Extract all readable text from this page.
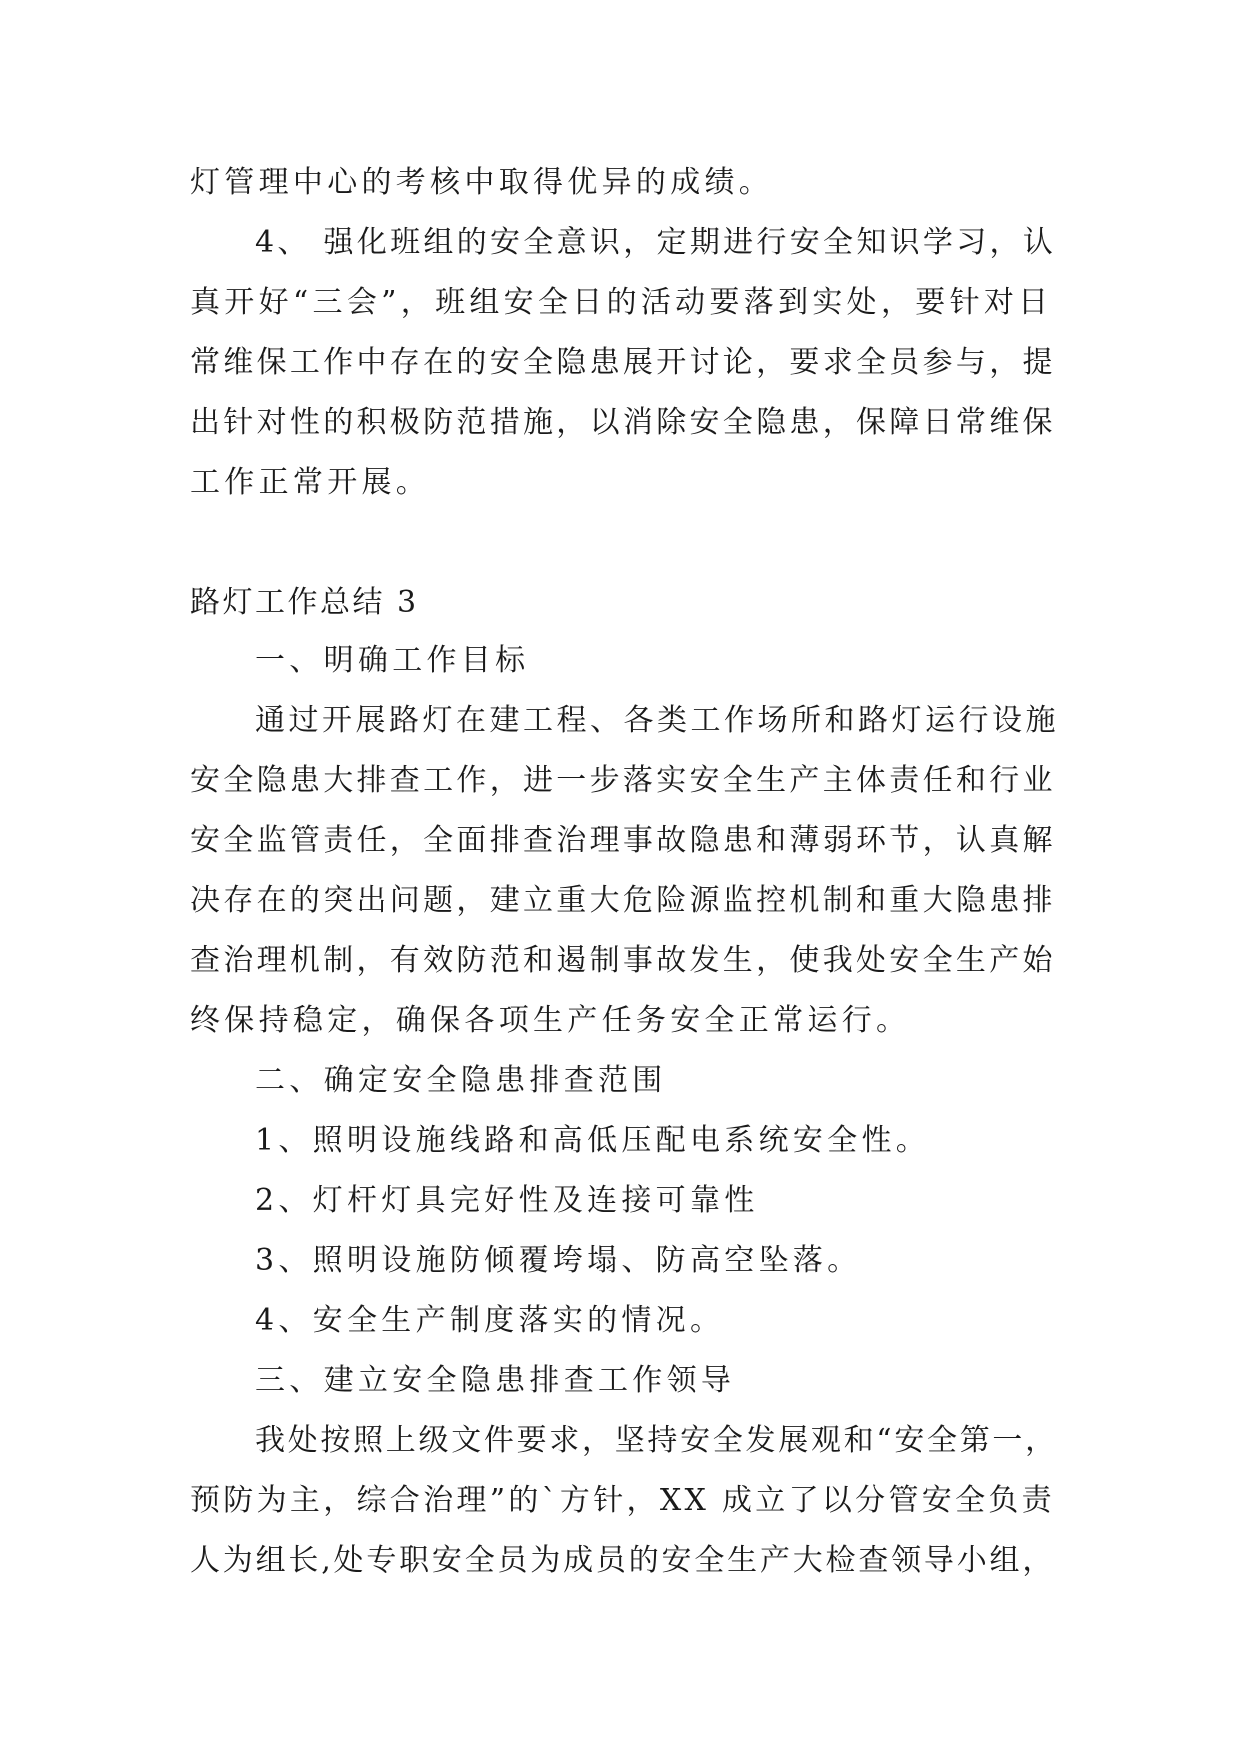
灯管理中心的考核中取得优异的成绩。
4、 强化班组的安全意识，定期进行安全知识学习，认
真开好“三会”，班组安全日的活动要落到实处，要针对日
常维保工作中存在的安全隐患展开讨论，要求全员参与，提
出针对性的积极防范措施，以消除安全隐患，保障日常维保
工作正常开展。
路灯工作总结 3
一、明确工作目标
通过开展路灯在建工程、各类工作场所和路灯运行设施
安全隐患大排查工作，进一步落实安全生产主体责任和行业
安全监管责任，全面排查治理事故隐患和薄弱环节，认真解
决存在的突出问题，建立重大危险源监控机制和重大隐患排
查治理机制，有效防范和遏制事故发生，使我处安全生产始
终保持稳定，确保各项生产任务安全正常运行。
二、确定安全隐患排查范围
1、照明设施线路和高低压配电系统安全性。
2、灯杆灯具完好性及连接可靠性
3、照明设施防倾覆垮塌、防高空坠落。
4、安全生产制度落实的情况。
三、建立安全隐患排查工作领导
我处按照上级文件要求，坚持安全发展观和“安全第一，
预防为主，综合治理”的`方针，XX 成立了以分管安全负责
人为组长,处专职安全员为成员的安全生产大检查领导小组，
